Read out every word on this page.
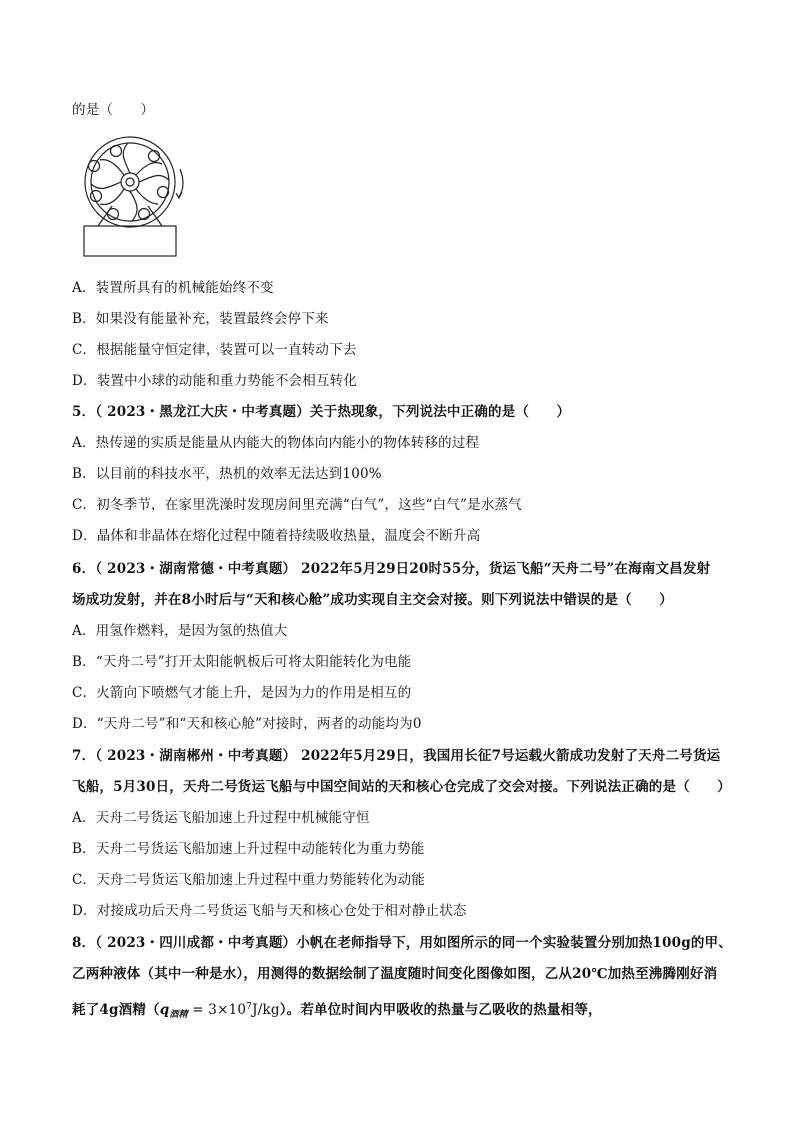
的是（　　）
A．装置所具有的机械能始终不变
B．如果没有能量补充，装置最终会停下来
C．根据能量守恒定律，装置可以一直转动下去
D．装置中小球的动能和重力势能不会相互转化
5．（ 2023・黑龙江大庆・中考真题）关于热现象，下列说法中正确的是（　　）
A．热传递的实质是能量从内能大的物体向内能小的物体转移的过程
B．以目前的科技水平，热机的效率无法达到100%
C．初冬季节，在家里洗澡时发现房间里充满“白气”，这些“白气”是水蒸气
D．晶体和非晶体在熔化过程中随着持续吸收热量，温度会不断升高
6．（ 2023・湖南常德・中考真题） 2022年5月29日20时55分，货运飞船“天舟二号”在海南文昌发射
场成功发射，并在8小时后与“天和核心舱”成功实现自主交会对接。则下列说法中错误的是（　　）
A．用氢作燃料，是因为氢的热值大
B．“天舟二号”打开太阳能帆板后可将太阳能转化为电能
C．火箭向下喷燃气才能上升，是因为力的作用是相互的
D．“天舟二号”和“天和核心舱”对接时，两者的动能均为0
7．（ 2023・湖南郴州・中考真题） 2022年5月29日，我国用长征7号运载火箭成功发射了天舟二号货运
飞船，5月30日，天舟二号货运飞船与中国空间站的天和核心仓完成了交会对接。下列说法正确的是（　　）
A．天舟二号货运飞船加速上升过程中机械能守恒
B．天舟二号货运飞船加速上升过程中动能转化为重力势能
C．天舟二号货运飞船加速上升过程中重力势能转化为动能
D．对接成功后天舟二号货运飞船与天和核心仓处于相对静止状态
8．（ 2023・四川成都・中考真题）小帆在老师指导下，用如图所示的同一个实验装置分别加热100g的甲、
乙两种液体（其中一种是水），用测得的数据绘制了温度随时间变化图像如图，乙从20℃加热至沸腾刚好消
耗了4g酒精$(q_{酒精} = 3\times 10^7J/kg)$。若单位时间内甲吸收的热量与乙吸收的热量相等，
